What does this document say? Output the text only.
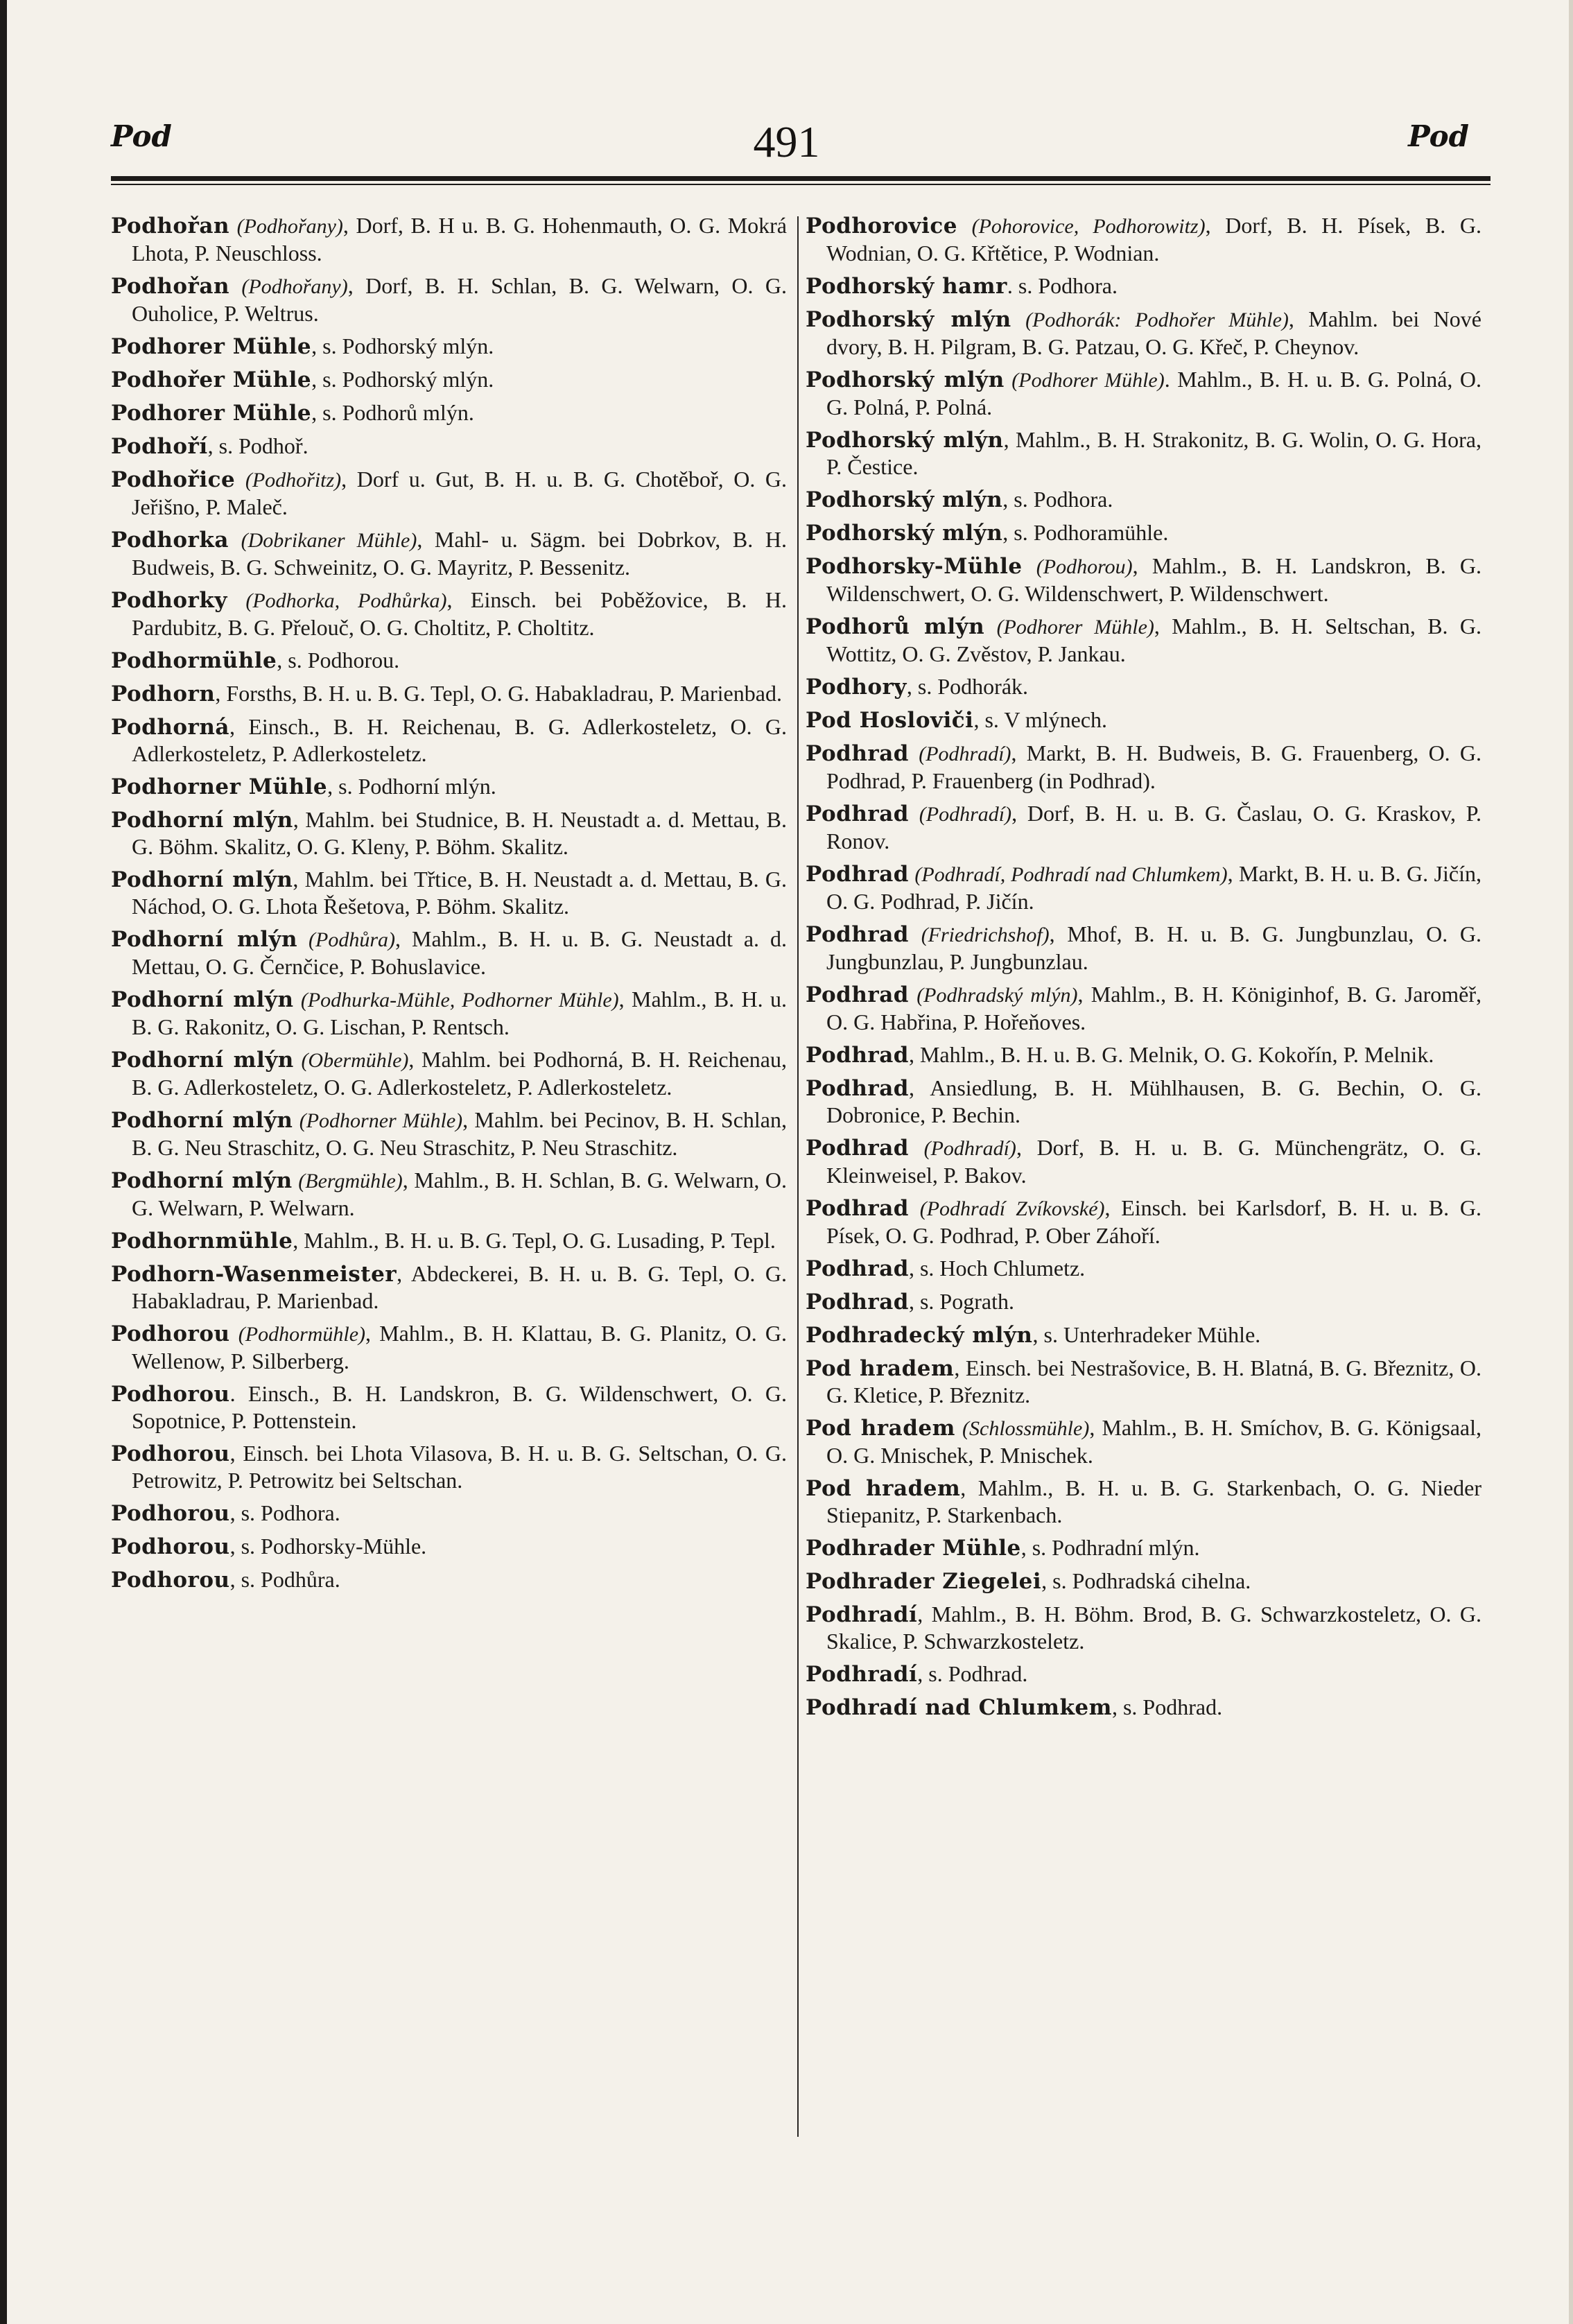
Pod	491	Pod

Podhořan (Podhořany), Dorf, B. H u. B. G. Hohenmauth, O. G. Mokrá Lhota, P. Neuschloss.

Podhořan (Podhořany), Dorf, B. H. Schlan, B. G. Welwarn, O. G. Ouholice, P. Weltrus.

Podhorer Mühle, s. Podhorský mlýn.

Podhořer Mühle, s. Podhorský mlýn.

Podhorer Mühle, s. Podhorů mlýn.

Podhoří, s. Podhoř.

Podhořice (Podhořitz), Dorf u. Gut, B. H. u. B. G. Chotěboř, O. G. Jeřišno, P. Maleč.

Podhorka (Dobrikaner Mühle), Mahl- u. Sägm. bei Dobrkov, B. H. Budweis, B. G. Schweinitz, O. G. Mayritz, P. Bessenitz.

Podhorky (Podhorka, Podhůrka), Einsch. bei Poběžovice, B. H. Pardubitz, B. G. Přelouč, O. G. Choltitz, P. Choltitz.

Podhormühle, s. Podhorou.

Podhorn, Forsths, B. H. u. B. G. Tepl, O. G. Habakladrau, P. Marienbad.

Podhorná, Einsch., B. H. Reichenau, B. G. Adlerkosteletz, O. G. Adlerkosteletz, P. Adlerkosteletz.

Podhorner Mühle, s. Podhorní mlýn.

Podhorní mlýn, Mahlm. bei Studnice, B. H. Neustadt a. d. Mettau, B. G. Böhm. Skalitz, O. G. Kleny, P. Böhm. Skalitz.

Podhorní mlýn, Mahlm. bei Třtice, B. H. Neustadt a. d. Mettau, B. G. Náchod, O. G. Lhota Řešetova, P. Böhm. Skalitz.

Podhorní mlýn (Podhůra), Mahlm., B. H. u. B. G. Neustadt a. d. Mettau, O. G. Černčice, P. Bohuslavice.

Podhorní mlýn (Podhurka-Mühle, Podhorner Mühle), Mahlm., B. H. u. B. G. Rakonitz, O. G. Lischan, P. Rentsch.

Podhorní mlýn (Obermühle), Mahlm. bei Podhorná, B. H. Reichenau, B. G. Adlerkosteletz, O. G. Adlerkosteletz, P. Adlerkosteletz.

Podhorní mlýn (Podhorner Mühle), Mahlm. bei Pecinov, B. H. Schlan, B. G. Neu Straschitz, O. G. Neu Straschitz, P. Neu Straschitz.

Podhorní mlýn (Bergmühle), Mahlm., B. H. Schlan, B. G. Welwarn, O. G. Welwarn, P. Welwarn.

Podhornmühle, Mahlm., B. H. u. B. G. Tepl, O. G. Lusading, P. Tepl.

Podhorn-Wasenmeister, Abdeckerei, B. H. u. B. G. Tepl, O. G. Habakladrau, P. Marienbad.

Podhorou (Podhormühle), Mahlm., B. H. Klattau, B. G. Planitz, O. G. Wellenow, P. Silberberg.

Podhorou. Einsch., B. H. Landskron, B. G. Wildenschwert, O. G. Sopotnice, P. Pottenstein.

Podhorou, Einsch. bei Lhota Vilasova, B. H. u. B. G. Seltschan, O. G. Petrowitz, P. Petrowitz bei Seltschan.

Podhorou, s. Podhora.

Podhorou, s. Podhorsky-Mühle.

Podhorou, s. Podhůra.

Podhorovice (Pohorovice, Podhorowitz), Dorf, B. H. Písek, B. G. Wodnian, O. G. Křtětice, P. Wodnian.

Podhorský hamr. s. Podhora.

Podhorský mlýn (Podhorák: Podhořer Mühle), Mahlm. bei Nové dvory, B. H. Pilgram, B. G. Patzau, O. G. Křeč, P. Cheynov.

Podhorský mlýn (Podhorer Mühle). Mahlm., B. H. u. B. G. Polná, O. G. Polná, P. Polná.

Podhorský mlýn, Mahlm., B. H. Strakonitz, B. G. Wolin, O. G. Hora, P. Čestice.

Podhorský mlýn, s. Podhora.

Podhorský mlýn, s. Podhoramühle.

Podhorsky-Mühle (Podhorou), Mahlm., B. H. Landskron, B. G. Wildenschwert, O. G. Wildenschwert, P. Wildenschwert.

Podhorů mlýn (Podhorer Mühle), Mahlm., B. H. Seltschan, B. G. Wottitz, O. G. Zvěstov, P. Jankau.

Podhory, s. Podhorák.

Pod Hosloviči, s. V mlýnech.

Podhrad (Podhradí), Markt, B. H. Budweis, B. G. Frauenberg, O. G. Podhrad, P. Frauenberg (in Podhrad).

Podhrad (Podhradí), Dorf, B. H. u. B. G. Časlau, O. G. Kraskov, P. Ronov.

Podhrad (Podhradí, Podhradí nad Chlumkem), Markt, B. H. u. B. G. Jičín, O. G. Podhrad, P. Jičín.

Podhrad (Friedrichshof), Mhof, B. H. u. B. G. Jungbunzlau, O. G. Jungbunzlau, P. Jungbunzlau.

Podhrad (Podhradský mlýn), Mahlm., B. H. Königinhof, B. G. Jaroměř, O. G. Habřina, P. Hořeňoves.

Podhrad, Mahlm., B. H. u. B. G. Melnik, O. G. Kokořín, P. Melnik.

Podhrad, Ansiedlung, B. H. Mühlhausen, B. G. Bechin, O. G. Dobronice, P. Bechin.

Podhrad (Podhradí), Dorf, B. H. u. B. G. Münchengrätz, O. G. Kleinweisel, P. Bakov.

Podhrad (Podhradí Zvíkovské), Einsch. bei Karlsdorf, B. H. u. B. G. Písek, O. G. Podhrad, P. Ober Záhoří.

Podhrad, s. Hoch Chlumetz.

Podhrad, s. Pograth.

Podhradecký mlýn, s. Unterhradeker Mühle.

Pod hradem, Einsch. bei Nestrašovice, B. H. Blatná, B. G. Březnitz, O. G. Kletice, P. Březnitz.

Pod hradem (Schlossmühle), Mahlm., B. H. Smíchov, B. G. Königsaal, O. G. Mnischek, P. Mnischek.

Pod hradem, Mahlm., B. H. u. B. G. Starkenbach, O. G. Nieder Stiepanitz, P. Starkenbach.

Podhrader Mühle, s. Podhradní mlýn.

Podhrader Ziegelei, s. Podhradská cihelna.

Podhradí, Mahlm., B. H. Böhm. Brod, B. G. Schwarzkosteletz, O. G. Skalice, P. Schwarzkosteletz.

Podhradí, s. Podhrad.

Podhradí nad Chlumkem, s. Podhrad.
